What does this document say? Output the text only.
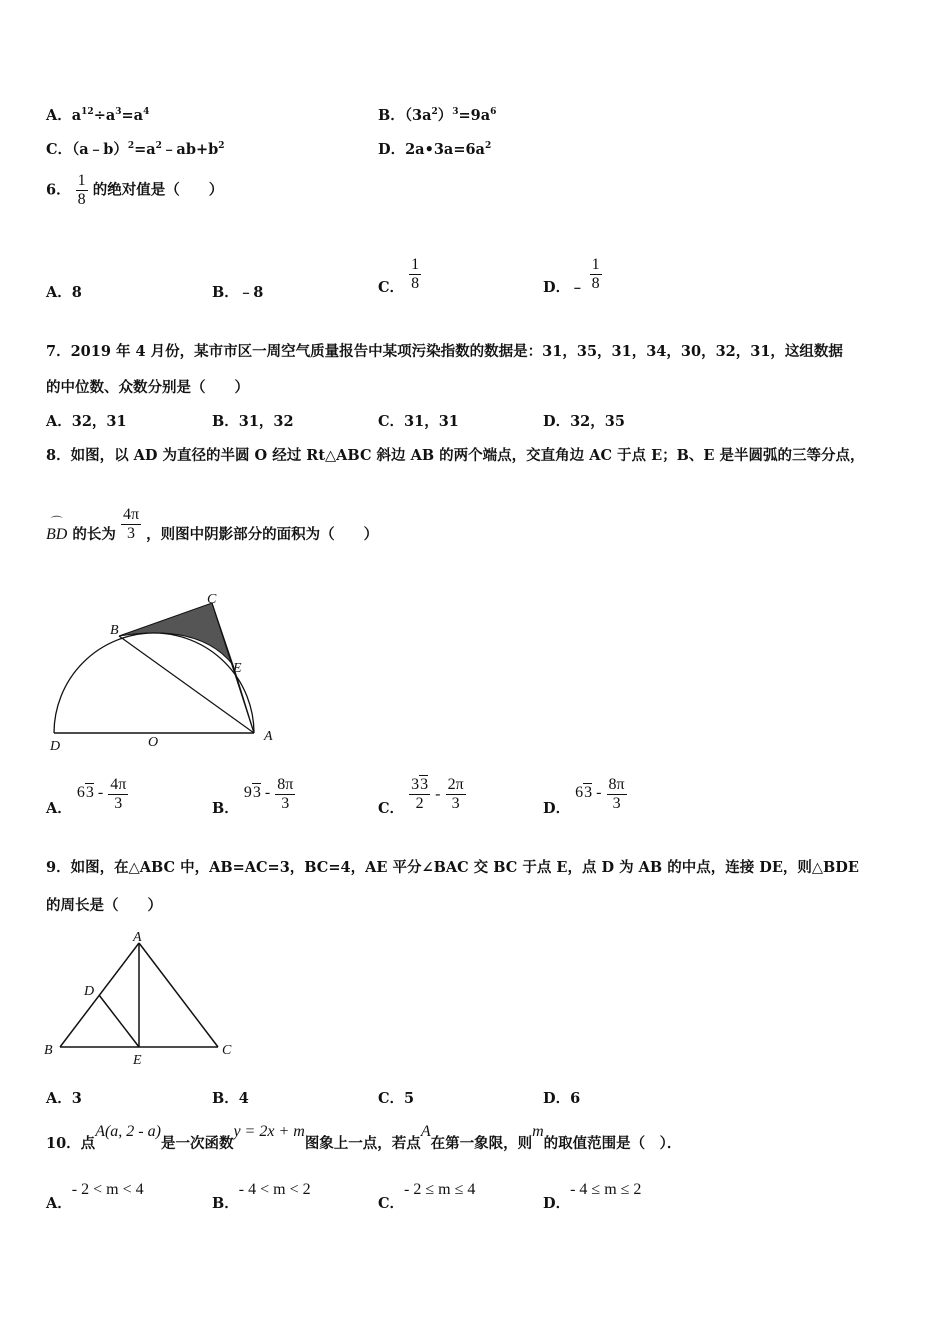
A．$a^{12}\div a^3=a^4$	B．$(3a^2)^3=9a^6$
C．$(a﹣b)^2=a^2﹣ab+b^2$	D．$2a•3a=6a^2$
6． $\frac{1}{8}$ 的绝对值是（　　）
A．8	B．﹣8	C． $\frac{1}{8}$	D．﹣ $\frac{1}{8}$
7．2019 年 4 月份，某市市区一周空气质量报告中某项污染指数的数据是：31，35，31，34，30，32，31，这组数据
的中位数、众数分别是（　　）
A．32，31	B．31，32	C．31，31	D．32，35
8．如图，以 AD 为直径的半圆 O 经过 Rt△ABC 斜边 AB 的两个端点，交直角边 AC 于点 E；B、E 是半圆弧的三等分点，
⌒
BD 的长为 $\frac{4\pi}{3}$ ，则图中阴影部分的面积为（　　）
B
C
E
D	O	A
A． $63 - \frac{4\pi}{3}$	B． $93 - \frac{8\pi}{3}$	C． $\frac{33}{2} - \frac{2\pi}{3}$	D． $63 - \frac{8\pi}{3}$
9．如图，在△ABC 中，AB=AC=3，BC=4，AE 平分∠BAC 交 BC 于点 E，点 D 为 AB 的中点，连接 DE，则△BDE
的周长是（　　）
A
D
B
E
C
A．3	B．4	C．5	D．6
10．点A(a, 2 - a)是一次函数y = 2x + m图象上一点，若点A在第一象限，则m的取值范围是（　）．
A．- 2 < m < 4
B．- 4 < m < 2
C．- 2 ≤ m ≤ 4
D．- 4 ≤ m ≤ 2
